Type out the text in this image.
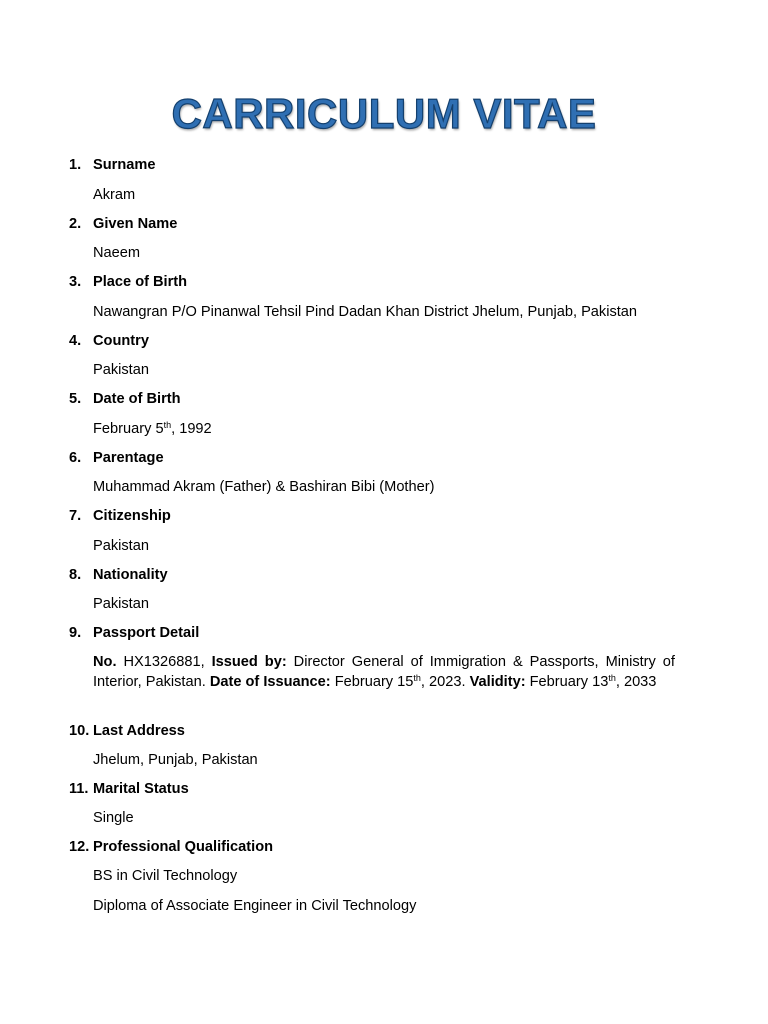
CARRICULUM VITAE
1. Surname
Akram
2. Given Name
Naeem
3. Place of Birth
Nawangran P/O Pinanwal Tehsil Pind Dadan Khan District Jhelum, Punjab, Pakistan
4. Country
Pakistan
5. Date of Birth
February 5th, 1992
6. Parentage
Muhammad Akram (Father) & Bashiran Bibi (Mother)
7. Citizenship
Pakistan
8. Nationality
Pakistan
9. Passport Detail
No. HX1326881, Issued by: Director General of Immigration & Passports, Ministry of Interior, Pakistan. Date of Issuance: February 15th, 2023. Validity: February 13th, 2033
10. Last Address
Jhelum, Punjab, Pakistan
11. Marital Status
Single
12. Professional Qualification
BS in Civil Technology
Diploma of Associate Engineer in Civil Technology
